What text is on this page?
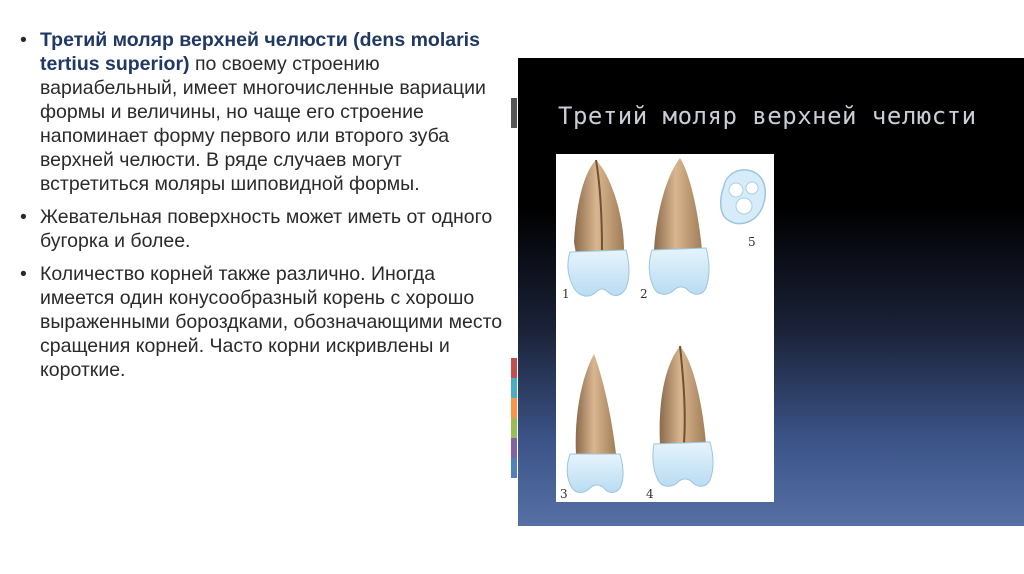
• Третий моляр верхней челюсти (dens molaris tertius superior) по своему строению вариабельный, имеет многочисленные вариации формы и величины, но чаще его строение напоминает форму первого или второго зуба верхней челюсти. В ряде случаев могут встретиться моляры шиповидной формы.
• Жевательная поверхность может иметь от одного бугорка и более.
• Количество корней также различно. Иногда имеется один конусообразный корень с хорошо выраженными бороздками, обозначающими место сращения корней. Часто корни искривлены и короткие.
Третий моляр верхней челюсти
1	2
5
3	4
